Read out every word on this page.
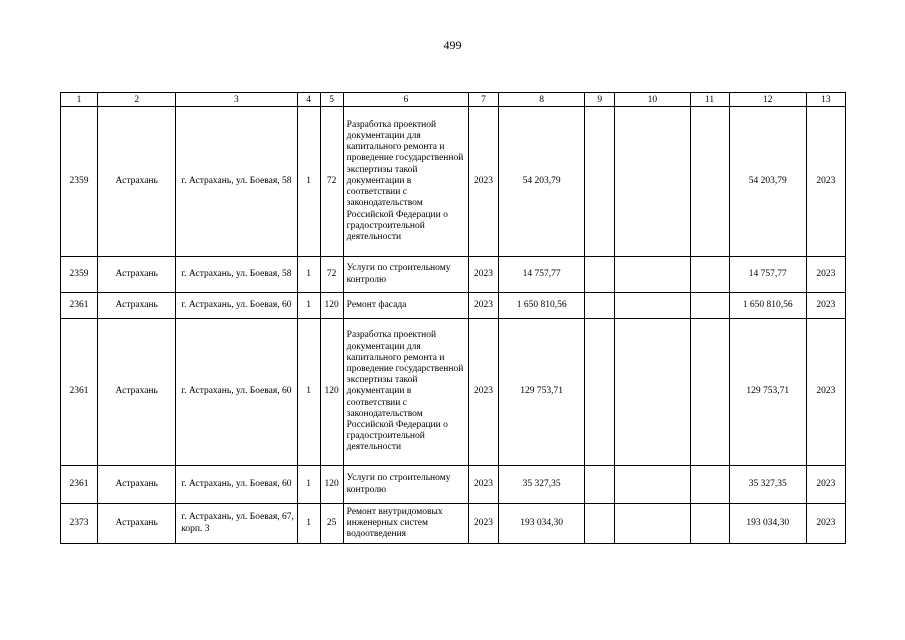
499
1	2	3	4	5	6	7	8	9	10	11	12	13
2359	Астрахань	г. Астрахань, ул. Боевая, 58	1	72	Разработка проектной документации для капитального ремонта и проведение государственной экспертизы такой документации в соответствии с законодательством Российской Федерации о градостроительной деятельности	2023	54 203,79				54 203,79	2023
2359	Астрахань	г. Астрахань, ул. Боевая, 58	1	72	Услуги по строительному контролю	2023	14 757,77				14 757,77	2023
2361	Астрахань	г. Астрахань, ул. Боевая, 60	1	120	Ремонт фасада	2023	1 650 810,56				1 650 810,56	2023
2361	Астрахань	г. Астрахань, ул. Боевая, 60	1	120	Разработка проектной документации для капитального ремонта и проведение государственной экспертизы такой документации в соответствии с законодательством Российской Федерации о градостроительной деятельности	2023	129 753,71				129 753,71	2023
2361	Астрахань	г. Астрахань, ул. Боевая, 60	1	120	Услуги по строительному контролю	2023	35 327,35				35 327,35	2023
2373	Астрахань	г. Астрахань, ул. Боевая, 67, корп. 3	1	25	Ремонт внутридомовых инженерных систем водоотведения	2023	193 034,30				193 034,30	2023
